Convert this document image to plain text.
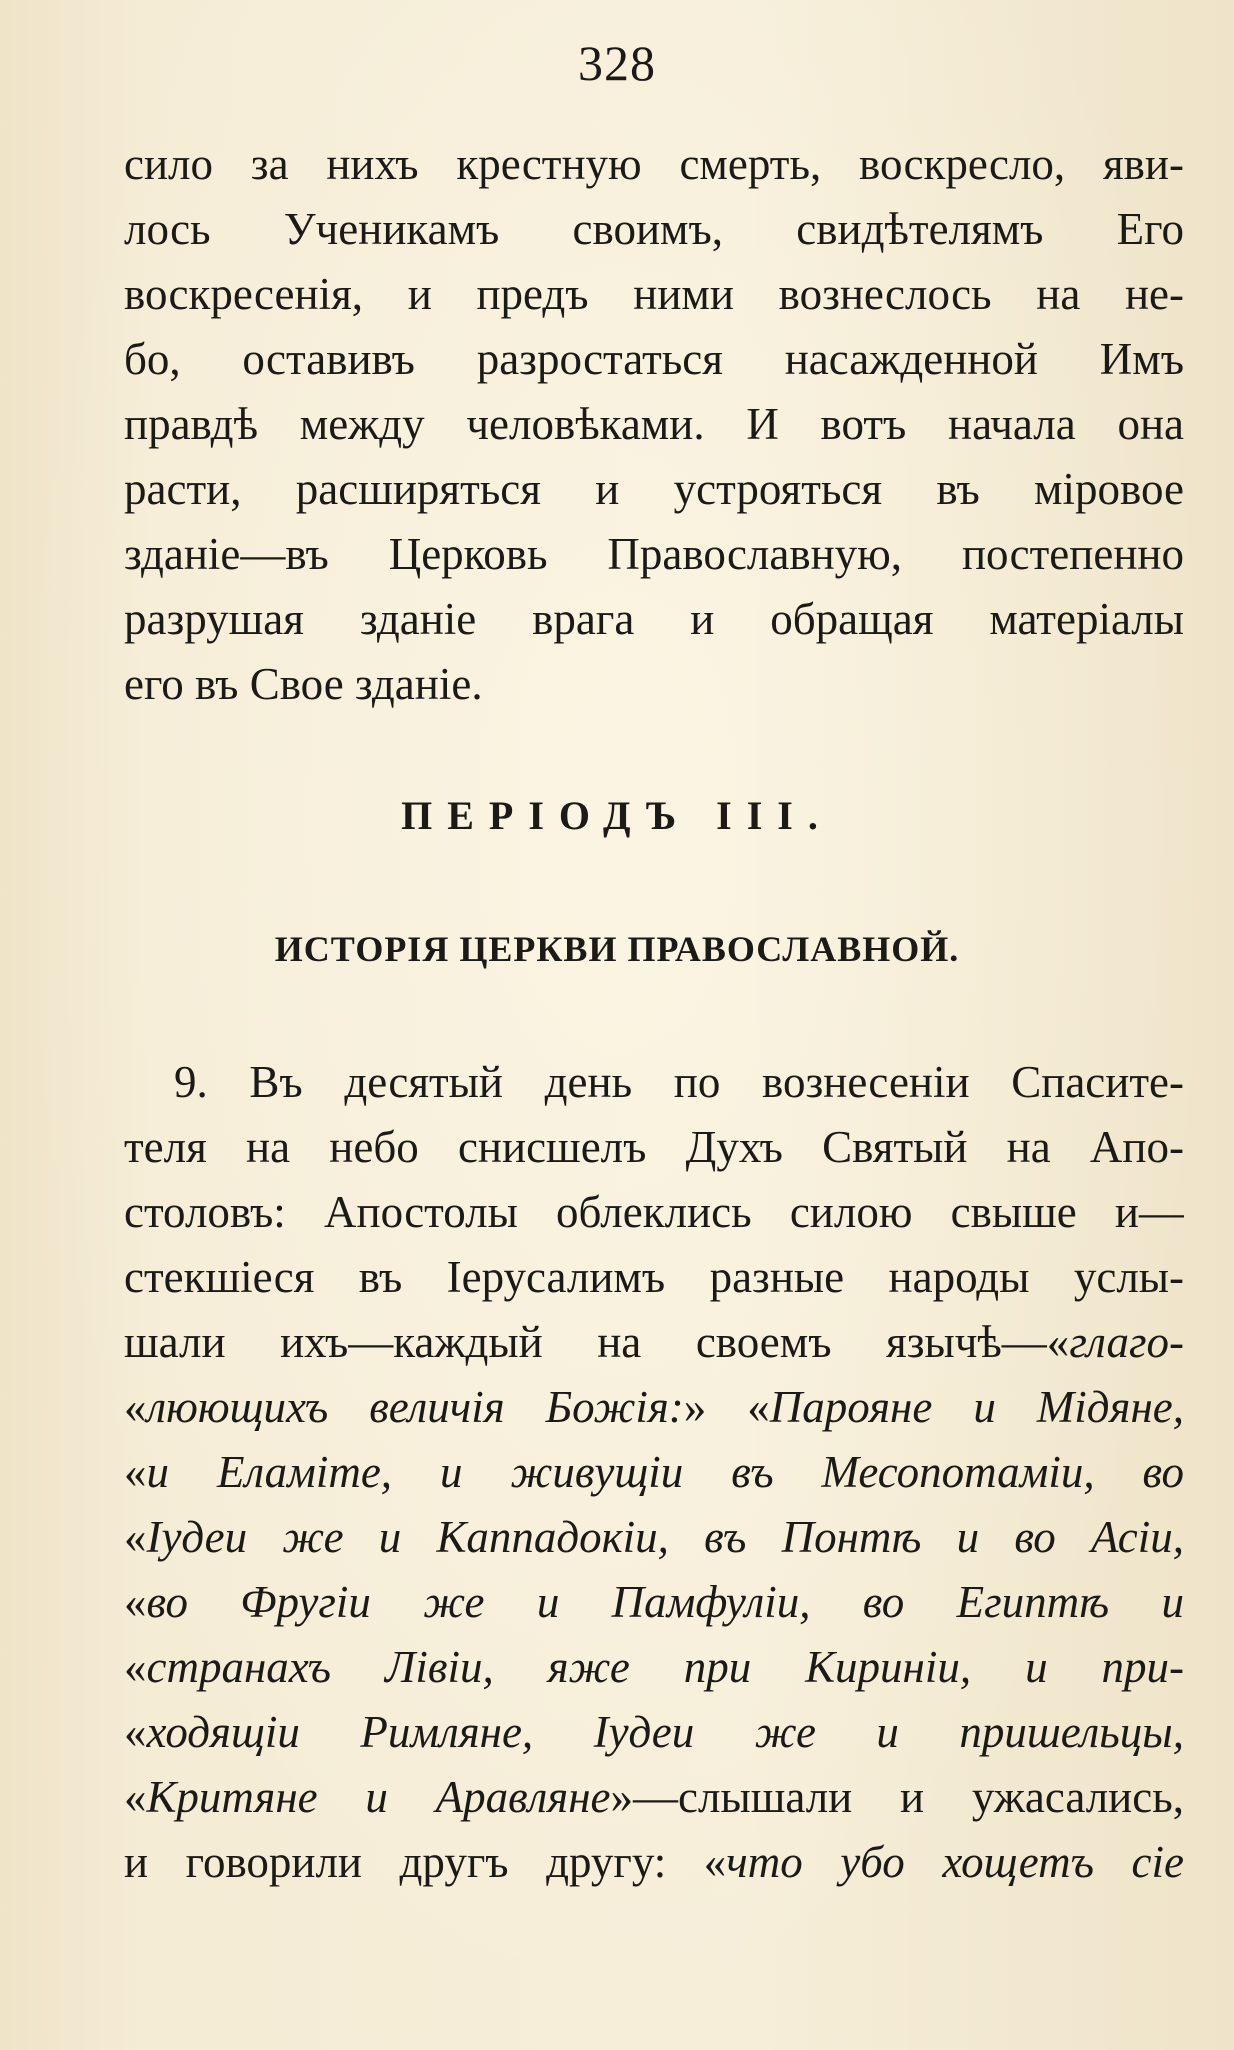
328
сило за нихъ крестную смерть, воскресло, яви-
лось Ученикамъ своимъ, свидѣтелямъ Его
воскресенія, и предъ ними вознеслось на не-
бо, оставивъ разростаться насажденной Имъ
правдѣ между человѣками. И вотъ начала она
расти, расширяться и устрояться въ міровое
зданіе—въ Церковь Православную, постепенно
разрушая зданіе врага и обращая матеріалы
его въ Свое зданіе.
ПЕРІОДЪ III.
ИСТОРІЯ ЦЕРКВИ ПРАВОСЛАВНОЙ.
9. Въ десятый день по вознесеніи Спасите-
теля на небо снисшелъ Духъ Святый на Апо-
столовъ: Апостолы облеклись силою свыше и—
стекшіеся въ Іерусалимъ разные народы услы-
шали ихъ—каждый на своемъ язычѣ—«глаго-
«люющихъ величія Божія:» «Парояне и Мідяне,
«и Еламіте, и живущіи въ Месопотаміи, во
«Іудеи же и Каппадокіи, въ Понтѣ и во Асіи,
«во Фругіи же и Памфуліи, во Египтѣ и
«странахъ Лівіи, яже при Кириніи, и при-
«ходящіи Римляне, Іудеи же и пришельцы,
«Критяне и Аравляне»—слышали и ужасались,
и говорили другъ другу: «что убо хощетъ сіе
